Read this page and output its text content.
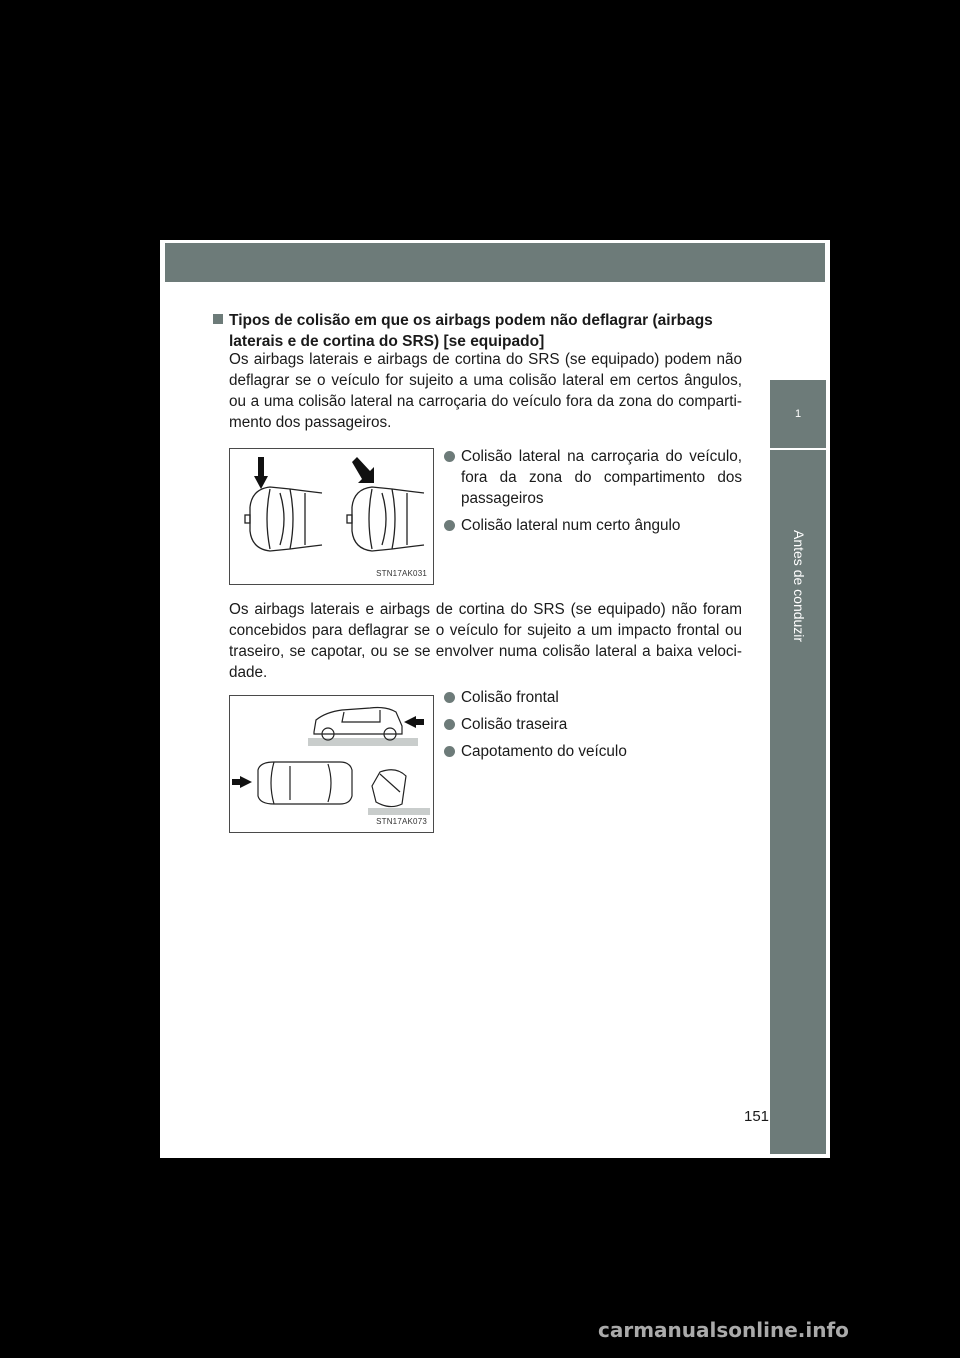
1
Antes de conduzir
Tipos de colisão em que os airbags podem não deflagrar (airbags laterais e de cortina do SRS) [se equipado]
Os airbags laterais e airbags de cortina do SRS (se equipado) podem não deflagrar se o veículo for sujeito a uma colisão lateral em certos ângulos, ou a uma colisão lateral na carroçaria do veículo fora da zona do comparti-mento dos passageiros.
STN17AK031
Colisão lateral na carroçaria do veículo, fora da zona do compartimento dos passageiros
Colisão lateral num certo ângulo
Os airbags laterais e airbags de cortina do SRS (se equipado) não foram concebidos para deflagrar se o veículo for sujeito a um impacto frontal ou traseiro, se capotar, ou se se envolver numa colisão lateral a baixa veloci-dade.
STN17AK073
Colisão frontal
Colisão traseira
Capotamento do veículo
151
carmanualsonline.info
